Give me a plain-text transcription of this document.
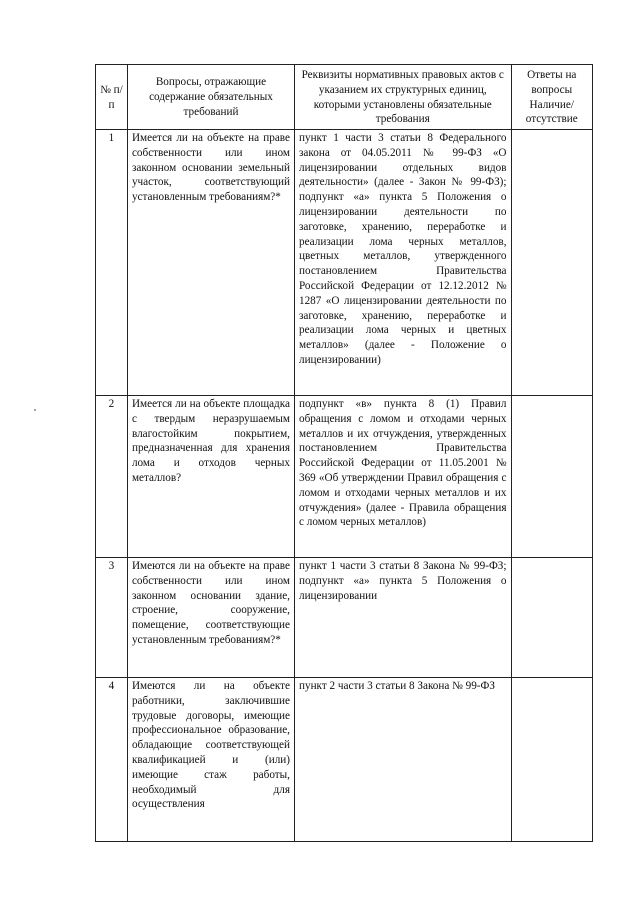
№ п/п	Вопросы, отражающие содержание обязательных требований	Реквизиты нормативных правовых актов с указанием их структурных единиц, которыми установлены обязательные требования	Ответы на вопросы Наличие/ отсутствие
1	Имеется ли на объекте на праве собственности или ином законном основании земельный участок, соответствующий установленным требованиям?*	пункт 1 части 3 статьи 8 Федерального закона от 04.05.2011 № 99-ФЗ «О лицензировании отдельных видов деятельности» (далее - Закон № 99-ФЗ); подпункт «а» пункта 5 Положения о лицензировании деятельности по заготовке, хранению, переработке и реализации лома черных металлов, цветных металлов, утвержденного постановлением Правительства Российской Федерации от 12.12.2012 № 1287 «О лицензировании деятельности по заготовке, хранению, переработке и реализации лома черных и цветных металлов» (далее - Положение о лицензировании)	
2	Имеется ли на объекте площадка с твердым неразрушаемым влагостойким покрытием, предназначенная для хранения лома и отходов черных металлов?	подпункт «в» пункта 8 (1) Правил обращения с ломом и отходами черных металлов и их отчуждения, утвержденных постановлением Правительства Российской Федерации от 11.05.2001 № 369 «Об утверждении Правил обращения с ломом и отходами черных металлов и их отчуждения» (далее - Правила обращения с ломом черных металлов)	
3	Имеются ли на объекте на праве собственности или ином законном основании здание, строение, сооружение, помещение, соответствующие установленным требованиям?*	пункт 1 части 3 статьи 8 Закона № 99-ФЗ; подпункт «а» пункта 5 Положения о лицензировании	
4	Имеются ли на объекте работники, заключившие трудовые договоры, имеющие профессиональное образование, обладающие соответствующей квалификацией и (или) имеющие стаж работы, необходимый для осуществления	пункт 2 части 3 статьи 8 Закона № 99-ФЗ	
